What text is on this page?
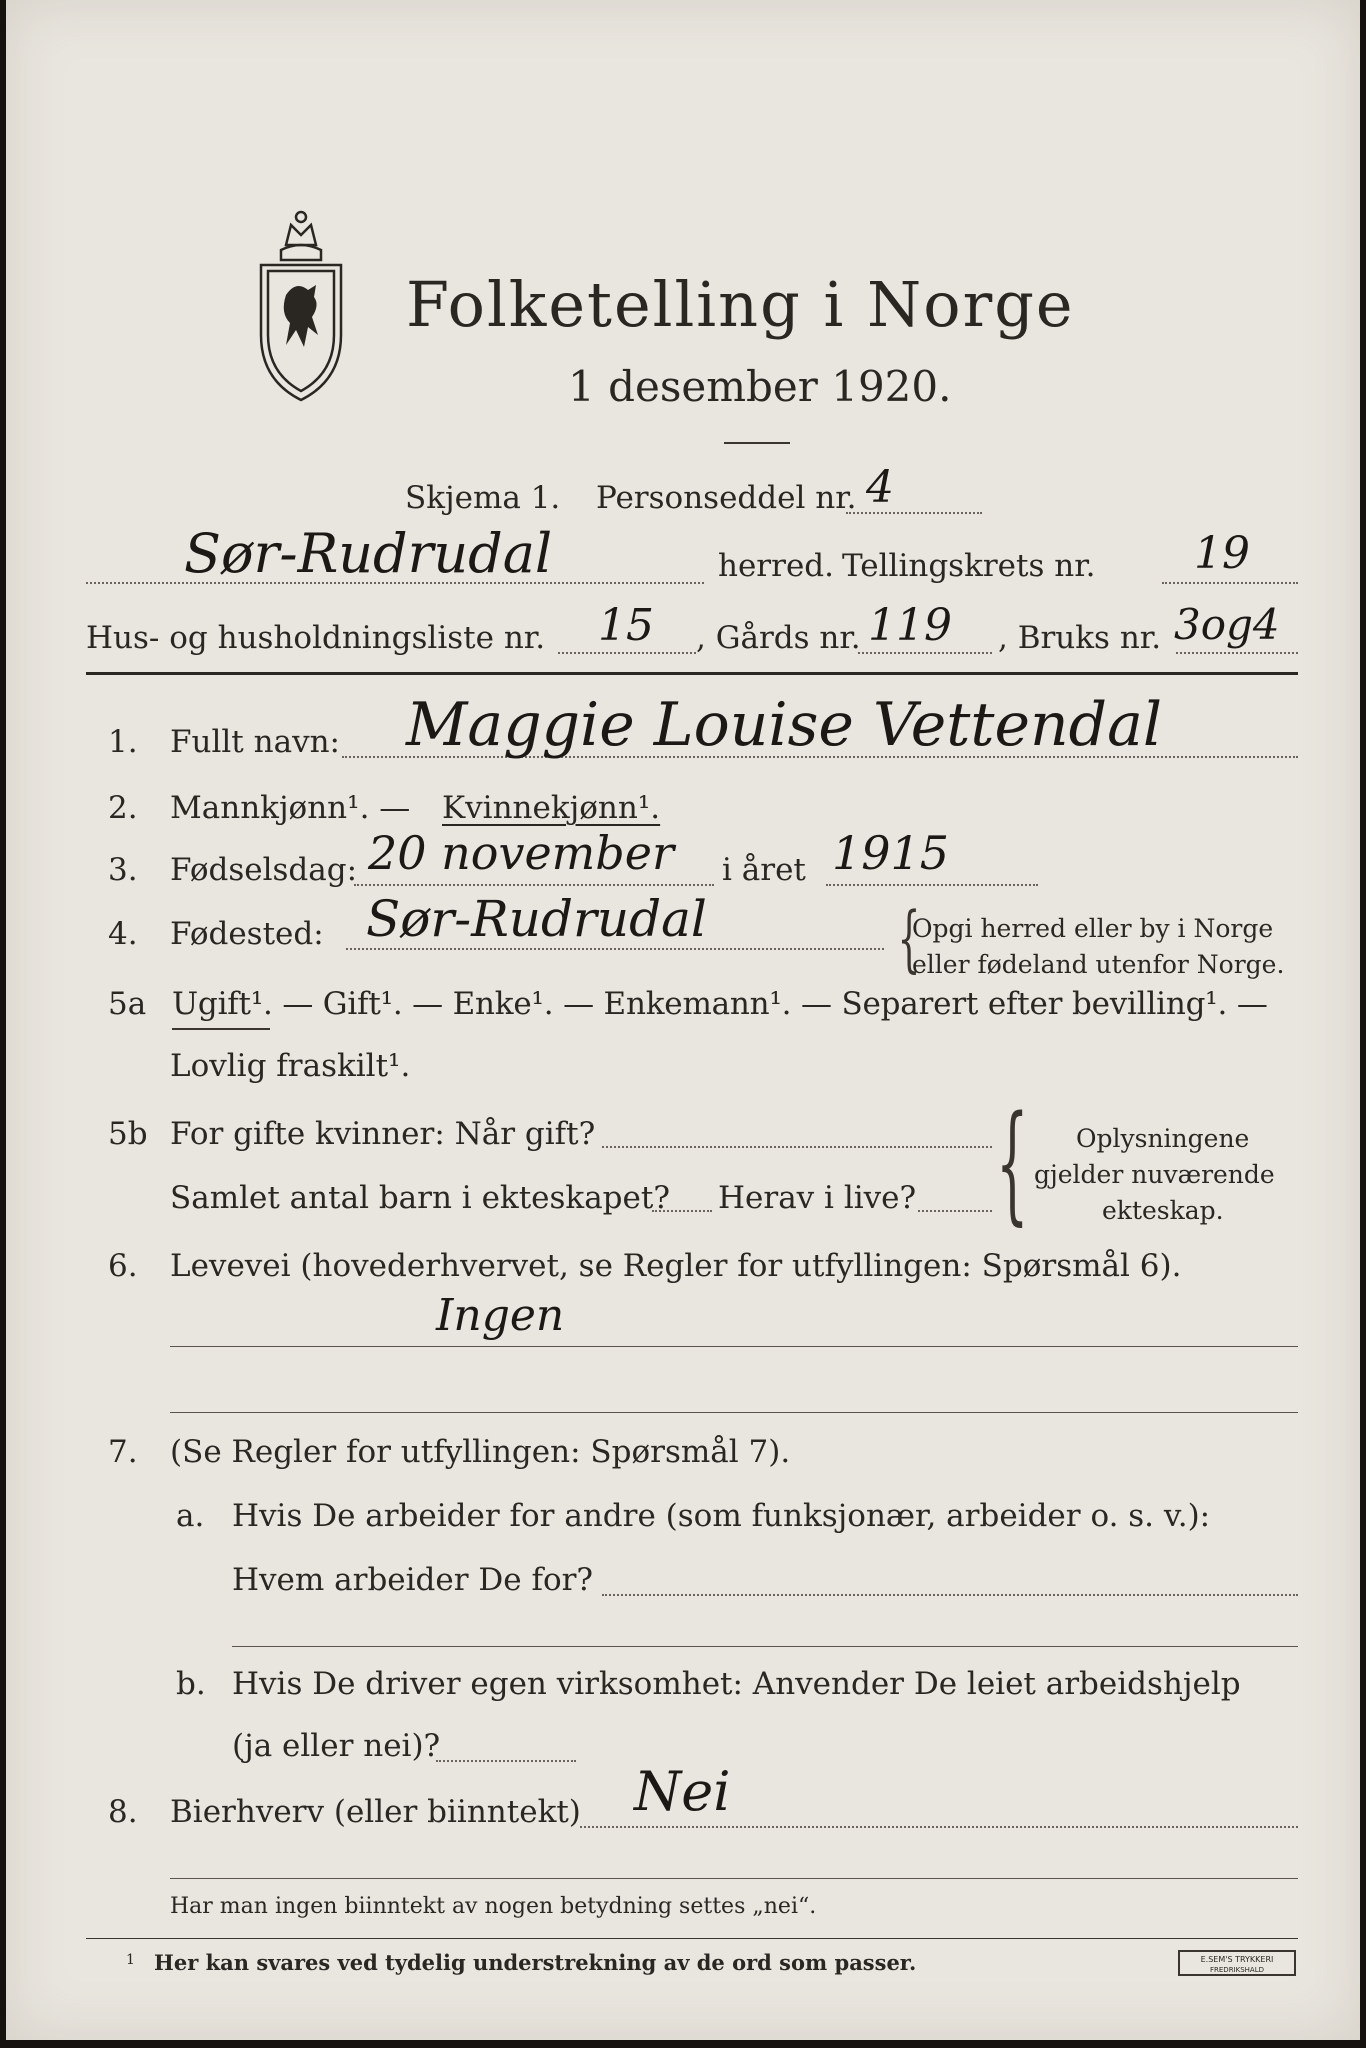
Folketelling i Norge
1 desember 1920.
Skjema 1. Personseddel nr. 4
Sør-Rudrudal	herred. Tellingskrets nr. 19
Hus- og husholdningsliste nr. 15 , Gårds nr. 119 , Bruks nr. 3og4
1. Fullt navn: Maggie Louise Vettendal
2. Mannkjønn¹. — Kvinnekjønn¹.
3. Fødselsdag: 20 november i året 1915
4. Fødested: Sør-Rudrudal	{
Opgi herred eller by i Norge
eller fødeland utenfor Norge.
5a Ugift¹. — Gift¹. — Enke¹. — Enkemann¹. — Separert efter bevilling¹. —
Lovlig fraskilt¹.
5b For gifte kvinner: Når gift?
Samlet antal barn i ekteskapet? Herav i live? { Oplysningene
gjelder nuværende
ekteskap.
6. Levevei (hovederhvervet, se Regler for utfyllingen: Spørsmål 6).
Ingen
7. (Se Regler for utfyllingen: Spørsmål 7).
a. Hvis De arbeider for andre (som funksjonær, arbeider o. s. v.):
Hvem arbeider De for?
b. Hvis De driver egen virksomhet: Anvender De leiet arbeidshjelp
(ja eller nei)?
8. Bierhverv (eller biinntekt) Nei
Har man ingen biinntekt av nogen betydning settes „nei“.
1 Her kan svares ved tydelig understrekning av de ord som passer.	E.SEM'S TRYKKERI
FREDRIKSHALD
